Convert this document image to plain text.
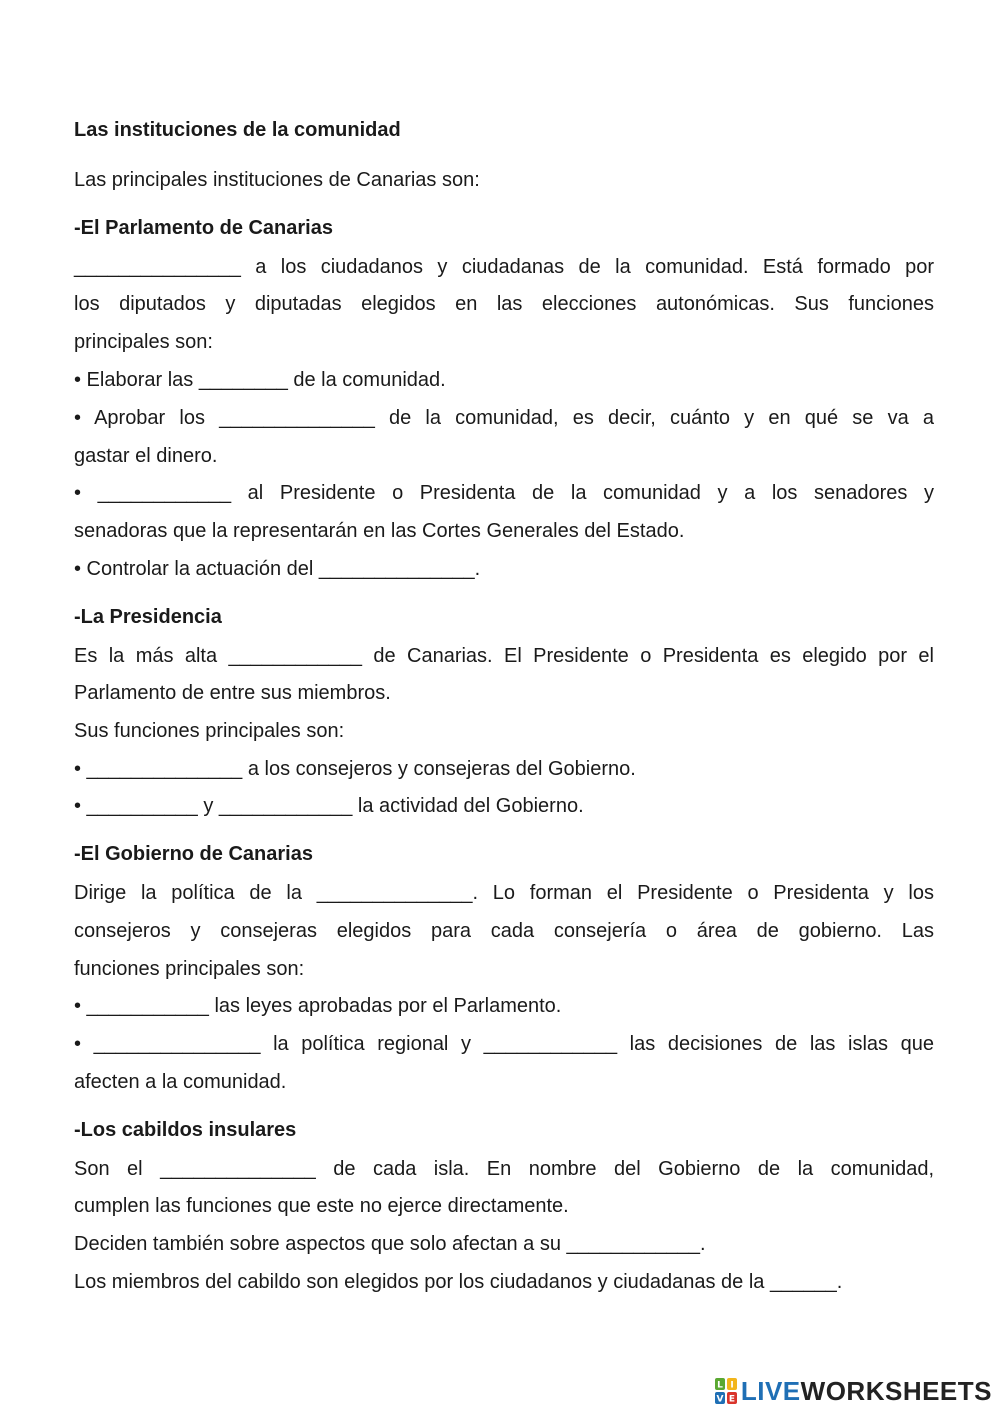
Las instituciones de la comunidad

Las principales instituciones de Canarias son:

-El Parlamento de Canarias

_______________ a los ciudadanos y ciudadanas de la comunidad. Está formado por

los diputados y diputadas elegidos en las elecciones autonómicas. Sus funciones

principales son:

• Elaborar las ________ de la comunidad.

• Aprobar los ______________ de la comunidad, es decir, cuánto y en qué se va a

gastar el dinero.

• ____________ al Presidente o Presidenta de la comunidad y a los senadores y

senadoras que la representarán en las Cortes Generales del Estado.

• Controlar la actuación del ______________.

-La Presidencia

Es la más alta ____________ de Canarias. El Presidente o Presidenta es elegido por el

Parlamento de entre sus miembros.

Sus funciones principales son:

• ______________ a los consejeros y consejeras del Gobierno.

• __________ y ____________ la actividad del Gobierno.

-El Gobierno de Canarias

Dirige la política de la ______________. Lo forman el Presidente o Presidenta y los

consejeros y consejeras elegidos para cada consejería o área de gobierno. Las

funciones principales son:

• ___________ las leyes aprobadas por el Parlamento.

• _______________ la política regional y ____________ las decisiones de las islas que

afecten a la comunidad.

-Los cabildos insulares

Son el ______________ de cada isla. En nombre del Gobierno de la comunidad,

cumplen las funciones que este no ejerce directamente.

Deciden también sobre aspectos que solo afectan a su ____________.

Los miembros del cabildo son elegidos por los ciudadanos y ciudadanas de la ______.

L I
V E LIVEWORKSHEETS
